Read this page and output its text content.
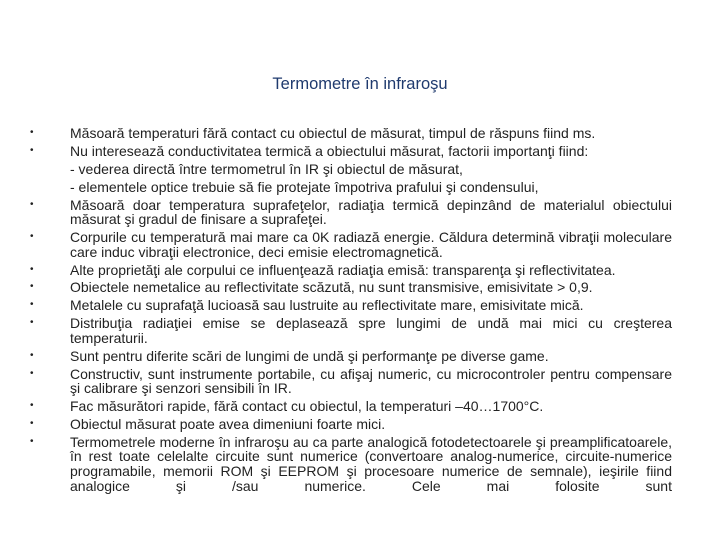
Termometre în infraroşu
•	Măsoară temperaturi fără contact cu obiectul de măsurat, timpul de răspuns fiind ms.
•	Nu interesează conductivitatea termică a obiectului măsurat, factorii importanţi fiind:
- vederea directă între termometrul în IR şi obiectul de măsurat,
- elementele optice trebuie să fie protejate împotriva prafului şi condensului,
•	Măsoară doar temperatura suprafeţelor, radiaţia termică depinzând de materialul obiectului măsurat şi gradul de finisare a suprafeţei.
•	Corpurile cu temperatură mai mare ca 0K radiază energie. Căldura determină vibraţii moleculare care induc vibraţii electronice, deci emisie electromagnetică.
•	Alte proprietăţi ale corpului ce influenţează radiaţia emisă: transparenţa şi reflectivitatea.
•	Obiectele nemetalice au reflectivitate scăzută, nu sunt transmisive, emisivitate > 0,9.
•	Metalele cu suprafaţă lucioasă sau lustruite au reflectivitate mare, emisivitate mică.
•	Distribuţia radiaţiei emise se deplasează spre lungimi de undă mai mici cu creşterea temperaturii.
•	Sunt pentru diferite scări de lungimi de undă şi performanţe pe diverse game.
•	Constructiv, sunt instrumente portabile, cu afişaj numeric, cu microcontroler pentru compensare şi calibrare şi senzori sensibili în IR.
•	Fac măsurători rapide, fără contact cu obiectul, la temperaturi –40…1700°C.
•	Obiectul măsurat poate avea dimeniuni foarte mici.
•	Termometrele moderne în infraroşu au ca parte analogică fotodetectoarele şi preamplificatoarele, în rest toate celelalte circuite sunt numerice (convertoare analog-numerice, circuite-numerice programabile, memorii ROM şi EEPROM şi procesoare numerice de semnale), ieşirile fiind analogice şi /sau numerice. Cele mai folosite sunt
